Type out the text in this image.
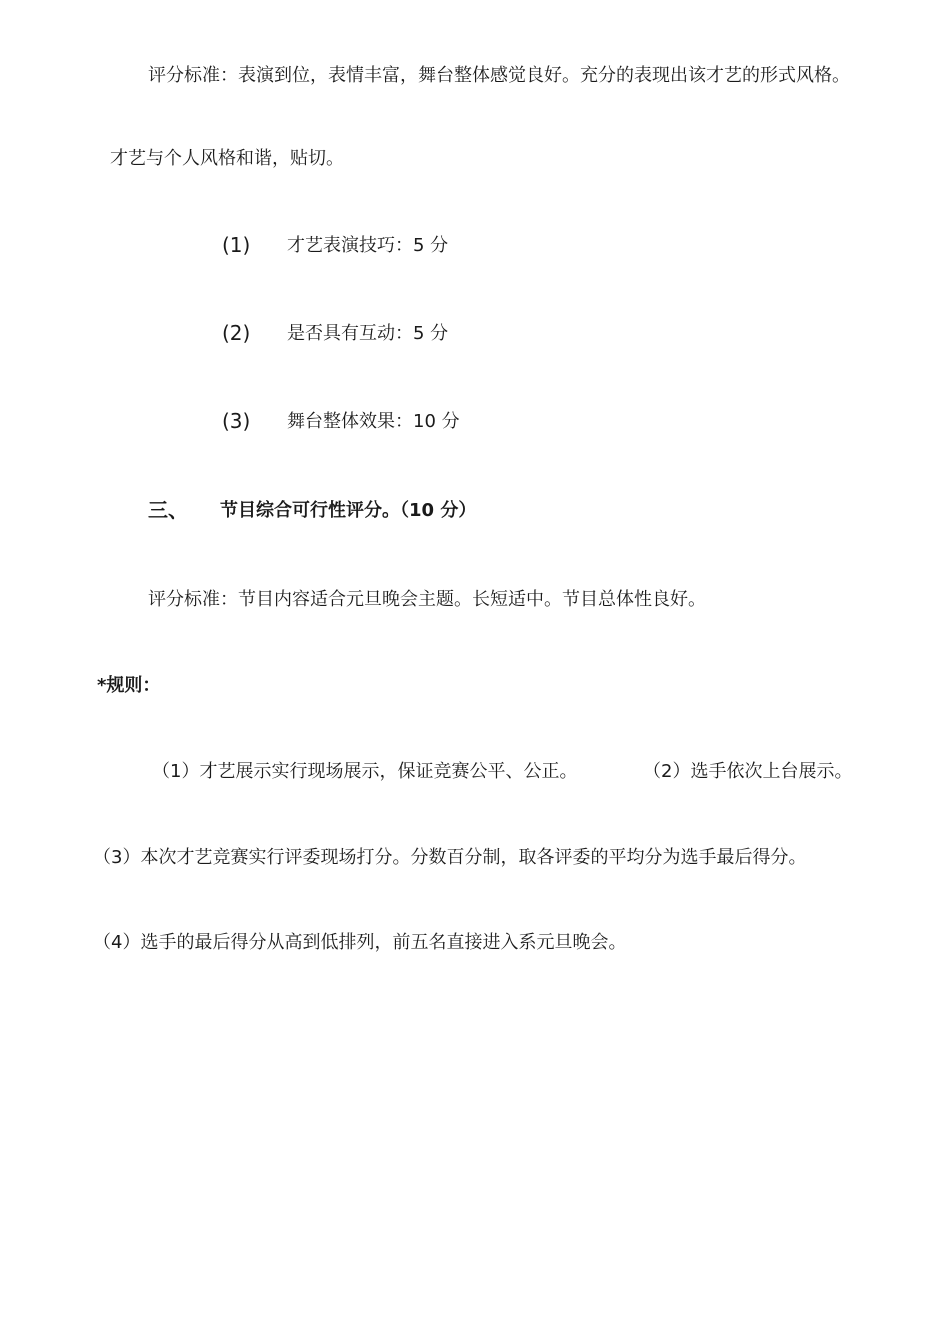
评分标准：表演到位，表情丰富，舞台整体感觉良好。充分的表现出该才艺的形式风格。
才艺与个人风格和谐，贴切。
(1) 才艺表演技巧：5 分
(2) 是否具有互动：5 分
(3) 舞台整体效果：10 分
三、 节目综合可行性评分。（10 分）
评分标准：节目内容适合元旦晚会主题。长短适中。节目总体性良好。
*规则：
（1）才艺展示实行现场展示，保证竞赛公平、公正。	（2）选手依次上台展示。
（3）本次才艺竞赛实行评委现场打分。分数百分制，取各评委的平均分为选手最后得分。
（4）选手的最后得分从高到低排列，前五名直接进入系元旦晚会。
